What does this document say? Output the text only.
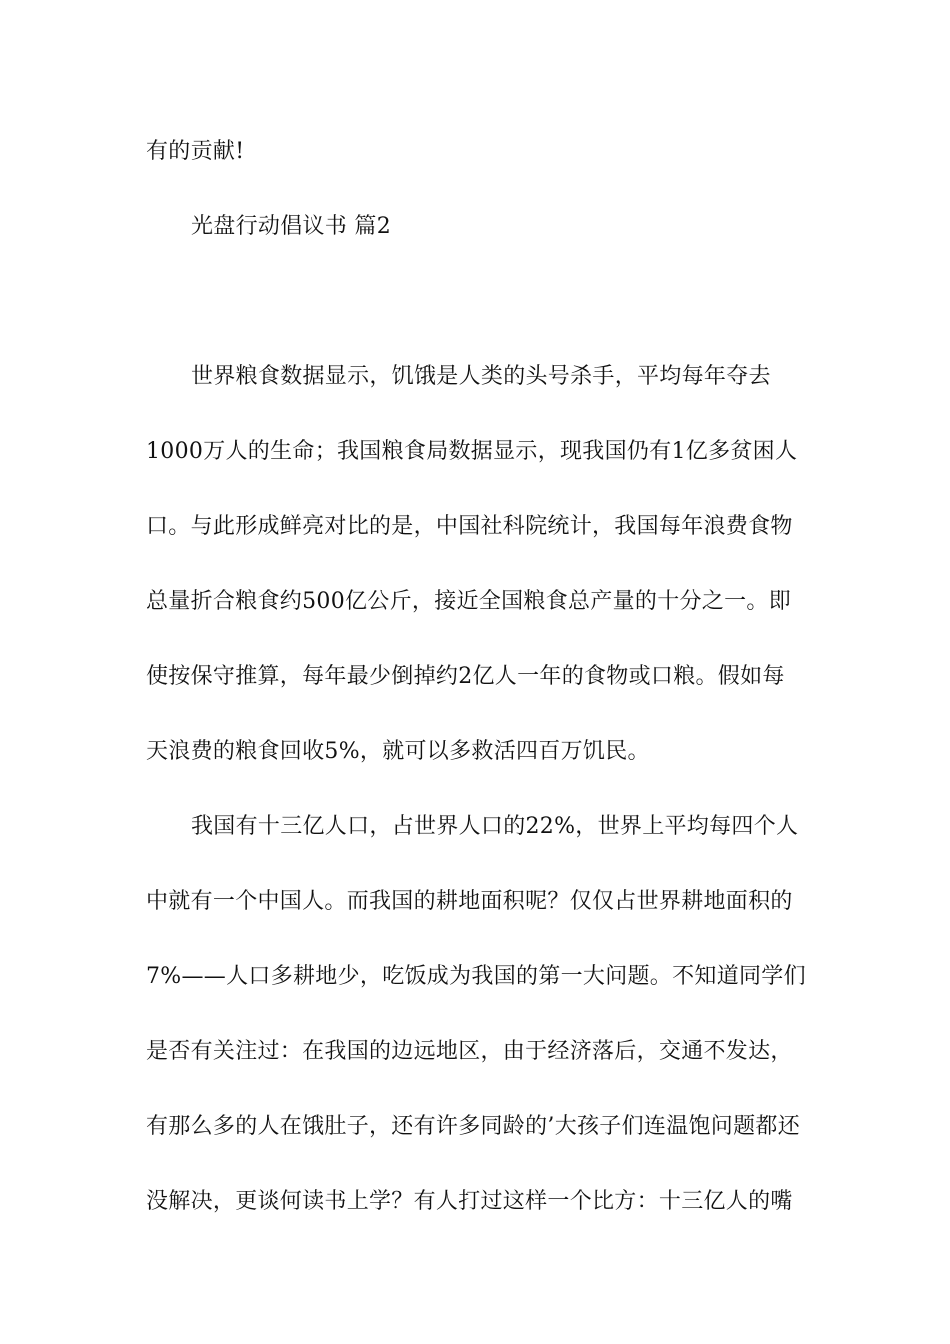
有的贡献!
光盘行动倡议书 篇2
世界粮食数据显示，饥饿是人类的头号杀手，平均每年夺去
1000万人的生命；我国粮食局数据显示，现我国仍有1亿多贫困人
口。与此形成鲜亮对比的是，中国社科院统计，我国每年浪费食物
总量折合粮食约500亿公斤，接近全国粮食总产量的十分之一。即
使按保守推算，每年最少倒掉约2亿人一年的食物或口粮。假如每
天浪费的粮食回收5%，就可以多救活四百万饥民。
我国有十三亿人口，占世界人口的22%，世界上平均每四个人
中就有一个中国人。而我国的耕地面积呢？仅仅占世界耕地面积的
7%——人口多耕地少，吃饭成为我国的第一大问题。不知道同学们
是否有关注过：在我国的边远地区，由于经济落后，交通不发达，
有那么多的人在饿肚子，还有许多同龄的’大孩子们连温饱问题都还
没解决，更谈何读书上学？有人打过这样一个比方：十三亿人的嘴
